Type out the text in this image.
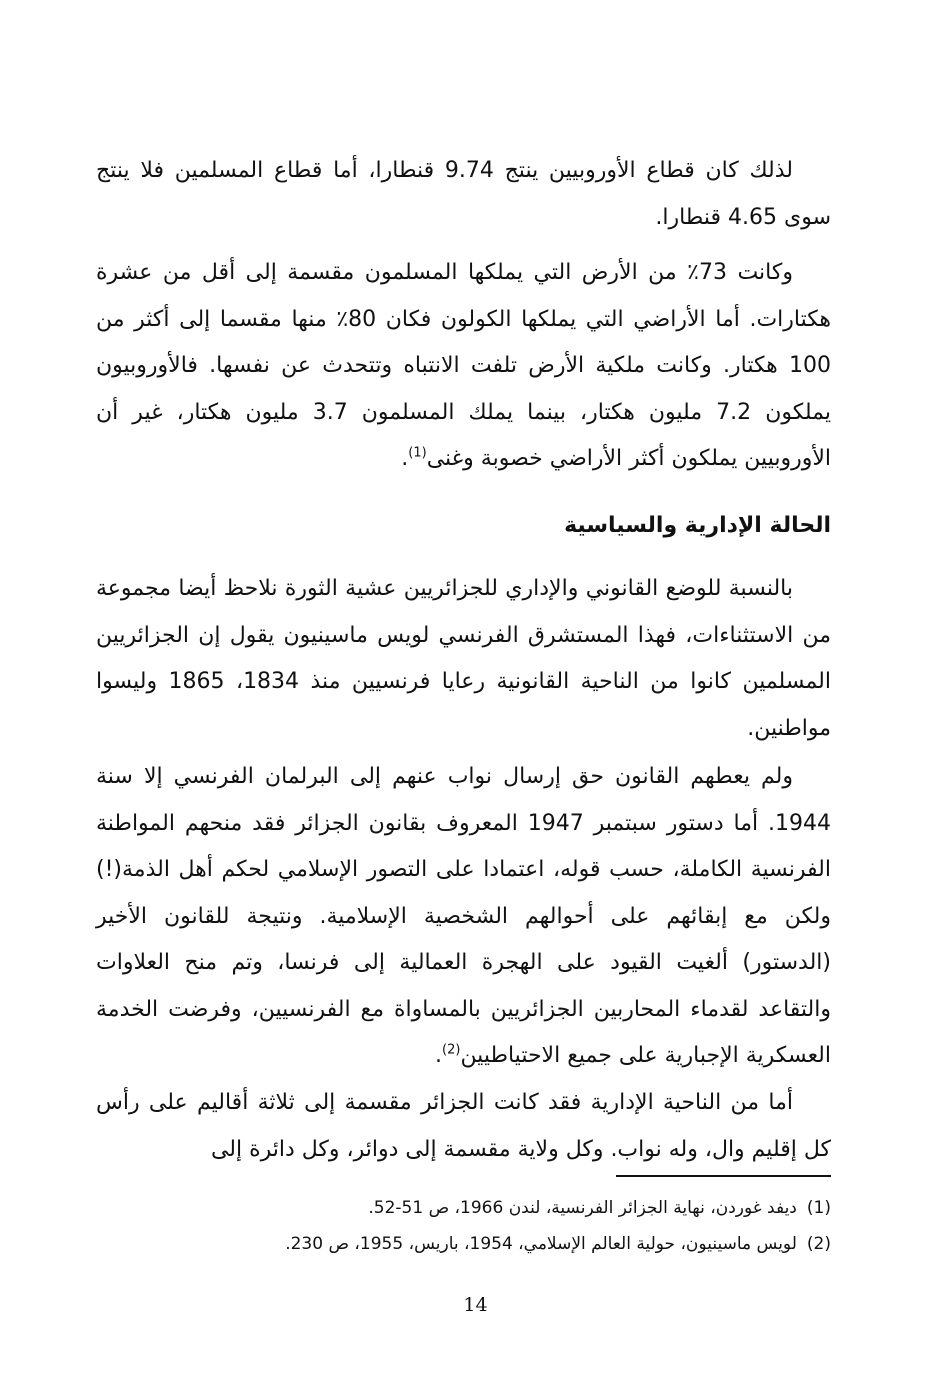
لذلك كان قطاع الأوروبيين ينتج 9.74 قنطارا، أما قطاع المسلمين فلا ينتج سوى 4.65 قنطارا.

وكانت 73٪ من الأرض التي يملكها المسلمون مقسمة إلى أقل من عشرة هكتارات. أما الأراضي التي يملكها الكولون فكان 80٪ منها مقسما إلى أكثر من 100 هكتار. وكانت ملكية الأرض تلفت الانتباه وتتحدث عن نفسها. فالأوروبيون يملكون 7.2 مليون هكتار، بينما يملك المسلمون 3.7 مليون هكتار، غير أن الأوروبيين يملكون أكثر الأراضي خصوبة وغنى$^{(1)}$.

الحالة الإدارية والسياسية

بالنسبة للوضع القانوني والإداري للجزائريين عشية الثورة نلاحظ أيضا مجموعة من الاستثناءات، فهذا المستشرق الفرنسي لويس ماسينيون يقول إن الجزائريين المسلمين كانوا من الناحية القانونية رعايا فرنسيين منذ 1834، 1865 وليسوا مواطنين.

ولم يعطهم القانون حق إرسال نواب عنهم إلى البرلمان الفرنسي إلا سنة 1944. أما دستور سبتمبر 1947 المعروف بقانون الجزائر فقد منحهم المواطنة الفرنسية الكاملة، حسب قوله، اعتمادا على التصور الإسلامي لحكم أهل الذمة(!) ولكن مع إبقائهم على أحوالهم الشخصية الإسلامية. ونتيجة للقانون الأخير (الدستور) ألغيت القيود على الهجرة العمالية إلى فرنسا، وتم منح العلاوات والتقاعد لقدماء المحاربين الجزائريين بالمساواة مع الفرنسيين، وفرضت الخدمة العسكرية الإجبارية على جميع الاحتياطيين$^{(2)}$.

أما من الناحية الإدارية فقد كانت الجزائر مقسمة إلى ثلاثة أقاليم على رأس كل إقليم وال، وله نواب. وكل ولاية مقسمة إلى دوائر، وكل دائرة إلى

(1)
ديفد غوردن، نهاية الجزائر الفرنسية، لندن 1966، ص 51-52.
(2)
لويس ماسينيون، حولية العالم الإسلامي، 1954، باريس، 1955، ص 230.
14
